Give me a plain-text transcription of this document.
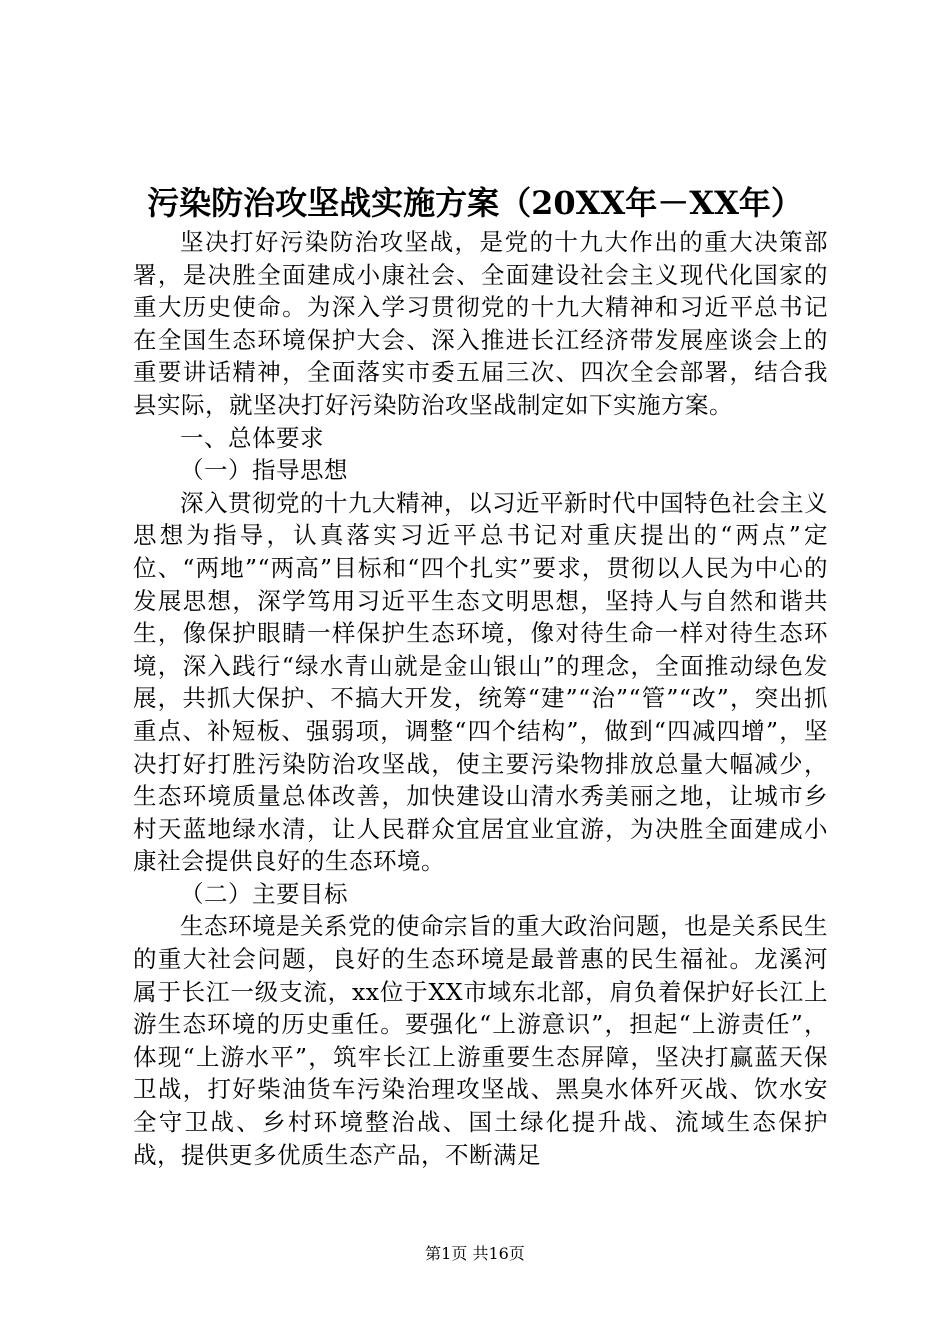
污染防治攻坚战实施方案（20XX年－XX年）

坚决打好污染防治攻坚战，是党的十九大作出的重大决策部署，是决胜全面建成小康社会、全面建设社会主义现代化国家的重大历史使命。为深入学习贯彻党的十九大精神和习近平总书记在全国生态环境保护大会、深入推进长江经济带发展座谈会上的重要讲话精神，全面落实市委五届三次、四次全会部署，结合我县实际，就坚决打好污染防治攻坚战制定如下实施方案。

一、总体要求

（一）指导思想

深入贯彻党的十九大精神，以习近平新时代中国特色社会主义思想为指导，认真落实习近平总书记对重庆提出的“两点”定位、“两地”“两高”目标和“四个扎实”要求，贯彻以人民为中心的发展思想，深学笃用习近平生态文明思想，坚持人与自然和谐共生，像保护眼睛一样保护生态环境，像对待生命一样对待生态环境，深入践行“绿水青山就是金山银山”的理念，全面推动绿色发展，共抓大保护、不搞大开发，统筹“建”“治”“管”“改”，突出抓重点、补短板、强弱项，调整“四个结构”，做到“四减四增”，坚决打好打胜污染防治攻坚战，使主要污染物排放总量大幅减少，生态环境质量总体改善，加快建设山清水秀美丽之地，让城市乡村天蓝地绿水清，让人民群众宜居宜业宜游，为决胜全面建成小康社会提供良好的生态环境。

（二）主要目标

生态环境是关系党的使命宗旨的重大政治问题，也是关系民生的重大社会问题，良好的生态环境是最普惠的民生福祉。龙溪河属于长江一级支流，xx位于XX市域东北部，肩负着保护好长江上游生态环境的历史重任。要强化“上游意识”，担起“上游责任”，体现“上游水平”，筑牢长江上游重要生态屏障，坚决打赢蓝天保卫战，打好柴油货车污染治理攻坚战、黑臭水体歼灭战、饮水安全守卫战、乡村环境整治战、国土绿化提升战、流域生态保护战，提供更多优质生态产品，不断满足

第1页 共16页
